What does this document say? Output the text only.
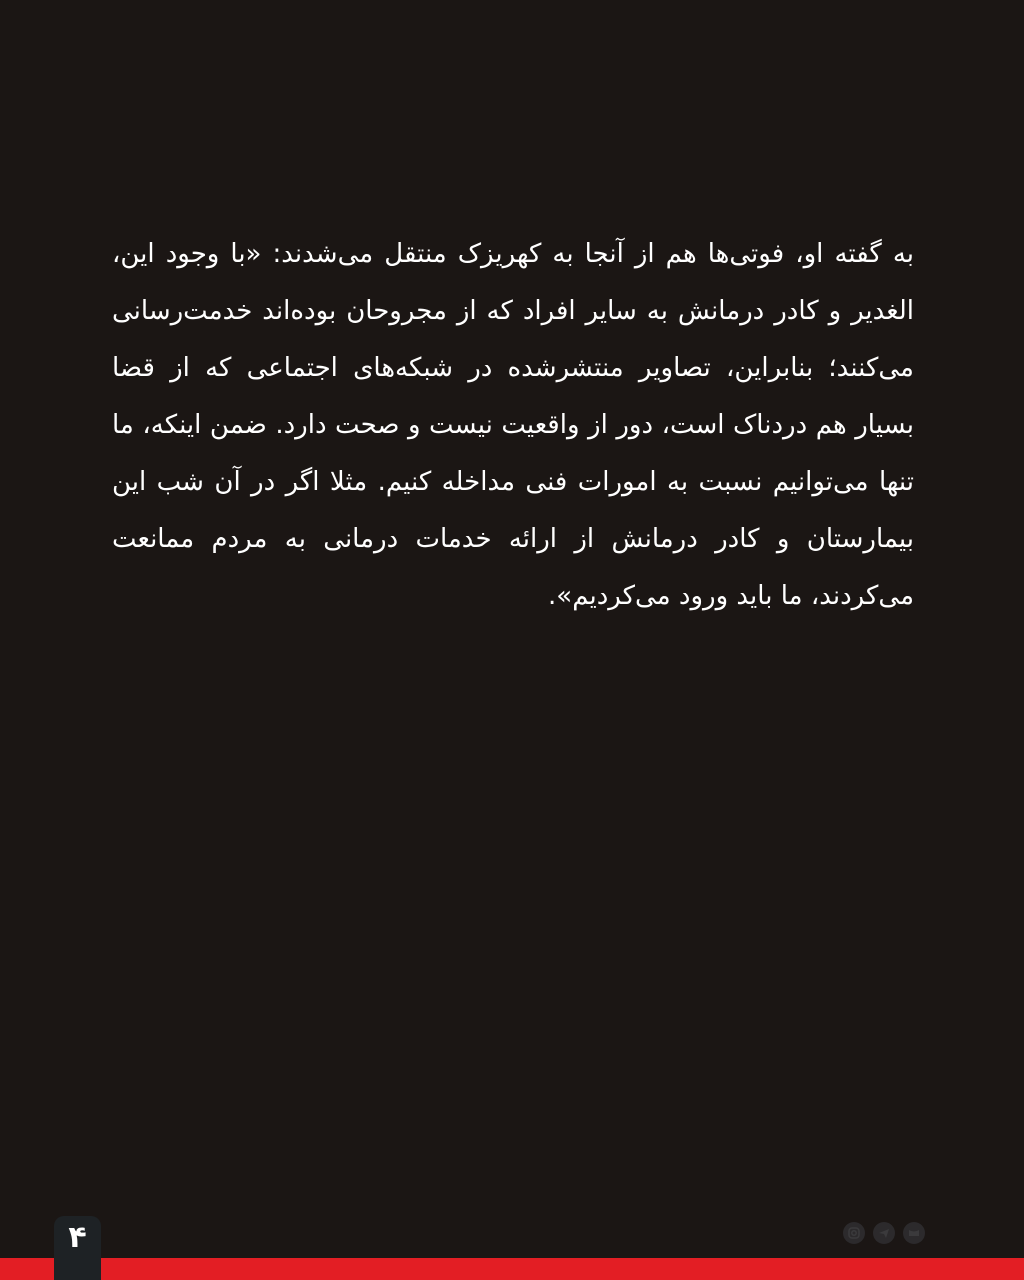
به گفته او، فوتی‌ها هم از آنجا به کهریزک منتقل می‌شدند: «با وجود این، الغدیر و کادر درمانش به سایر افراد که از مجروحان بوده‌اند خدمت‌رسانی می‌کنند؛ بنابراین، تصاویر منتشرشده در شبکه‌های اجتماعی که از قضا بسیار هم دردناک است، دور از واقعیت نیست و صحت دارد. ضمن اینکه، ما تنها می‌توانیم نسبت به امورات فنی مداخله کنیم. مثلا اگر در آن شب این بیمارستان و کادر درمانش از ارائه خدمات درمانی به مردم ممانعت می‌کردند، ما باید ورود می‌کردیم».

۴
